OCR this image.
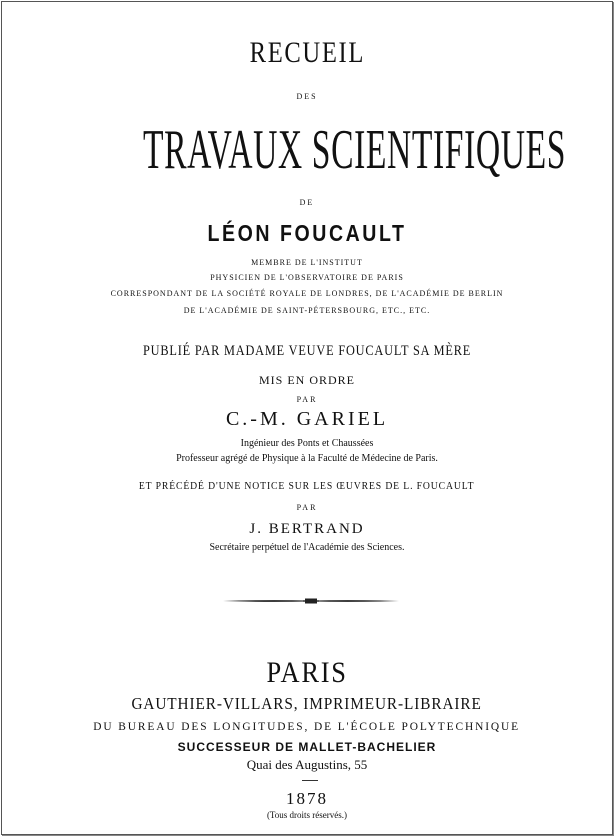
RECUEIL
DES
TRAVAUX SCIENTIFIQUES
DE
LÉON FOUCAULT
MEMBRE DE L'INSTITUT
PHYSICIEN DE L'OBSERVATOIRE DE PARIS
CORRESPONDANT DE LA SOCIÉTÉ ROYALE DE LONDRES, DE L'ACADÉMIE DE BERLIN
DE L'ACADÉMIE DE SAINT-PÉTERSBOURG, ETC., ETC.
PUBLIÉ PAR MADAME VEUVE FOUCAULT SA MÈRE
MIS EN ORDRE
PAR
C.-M. GARIEL
Ingénieur des Ponts et Chaussées
Professeur agrégé de Physique à la Faculté de Médecine de Paris.
ET PRÉCÉDÉ D'UNE NOTICE SUR LES ŒUVRES DE L. FOUCAULT
PAR
J. BERTRAND
Secrétaire perpétuel de l'Académie des Sciences.
PARIS
GAUTHIER-VILLARS, IMPRIMEUR-LIBRAIRE
DU BUREAU DES LONGITUDES, DE L'ÉCOLE POLYTECHNIQUE
SUCCESSEUR DE MALLET-BACHELIER
Quai des Augustins, 55
1878
(Tous droits réservés.)
